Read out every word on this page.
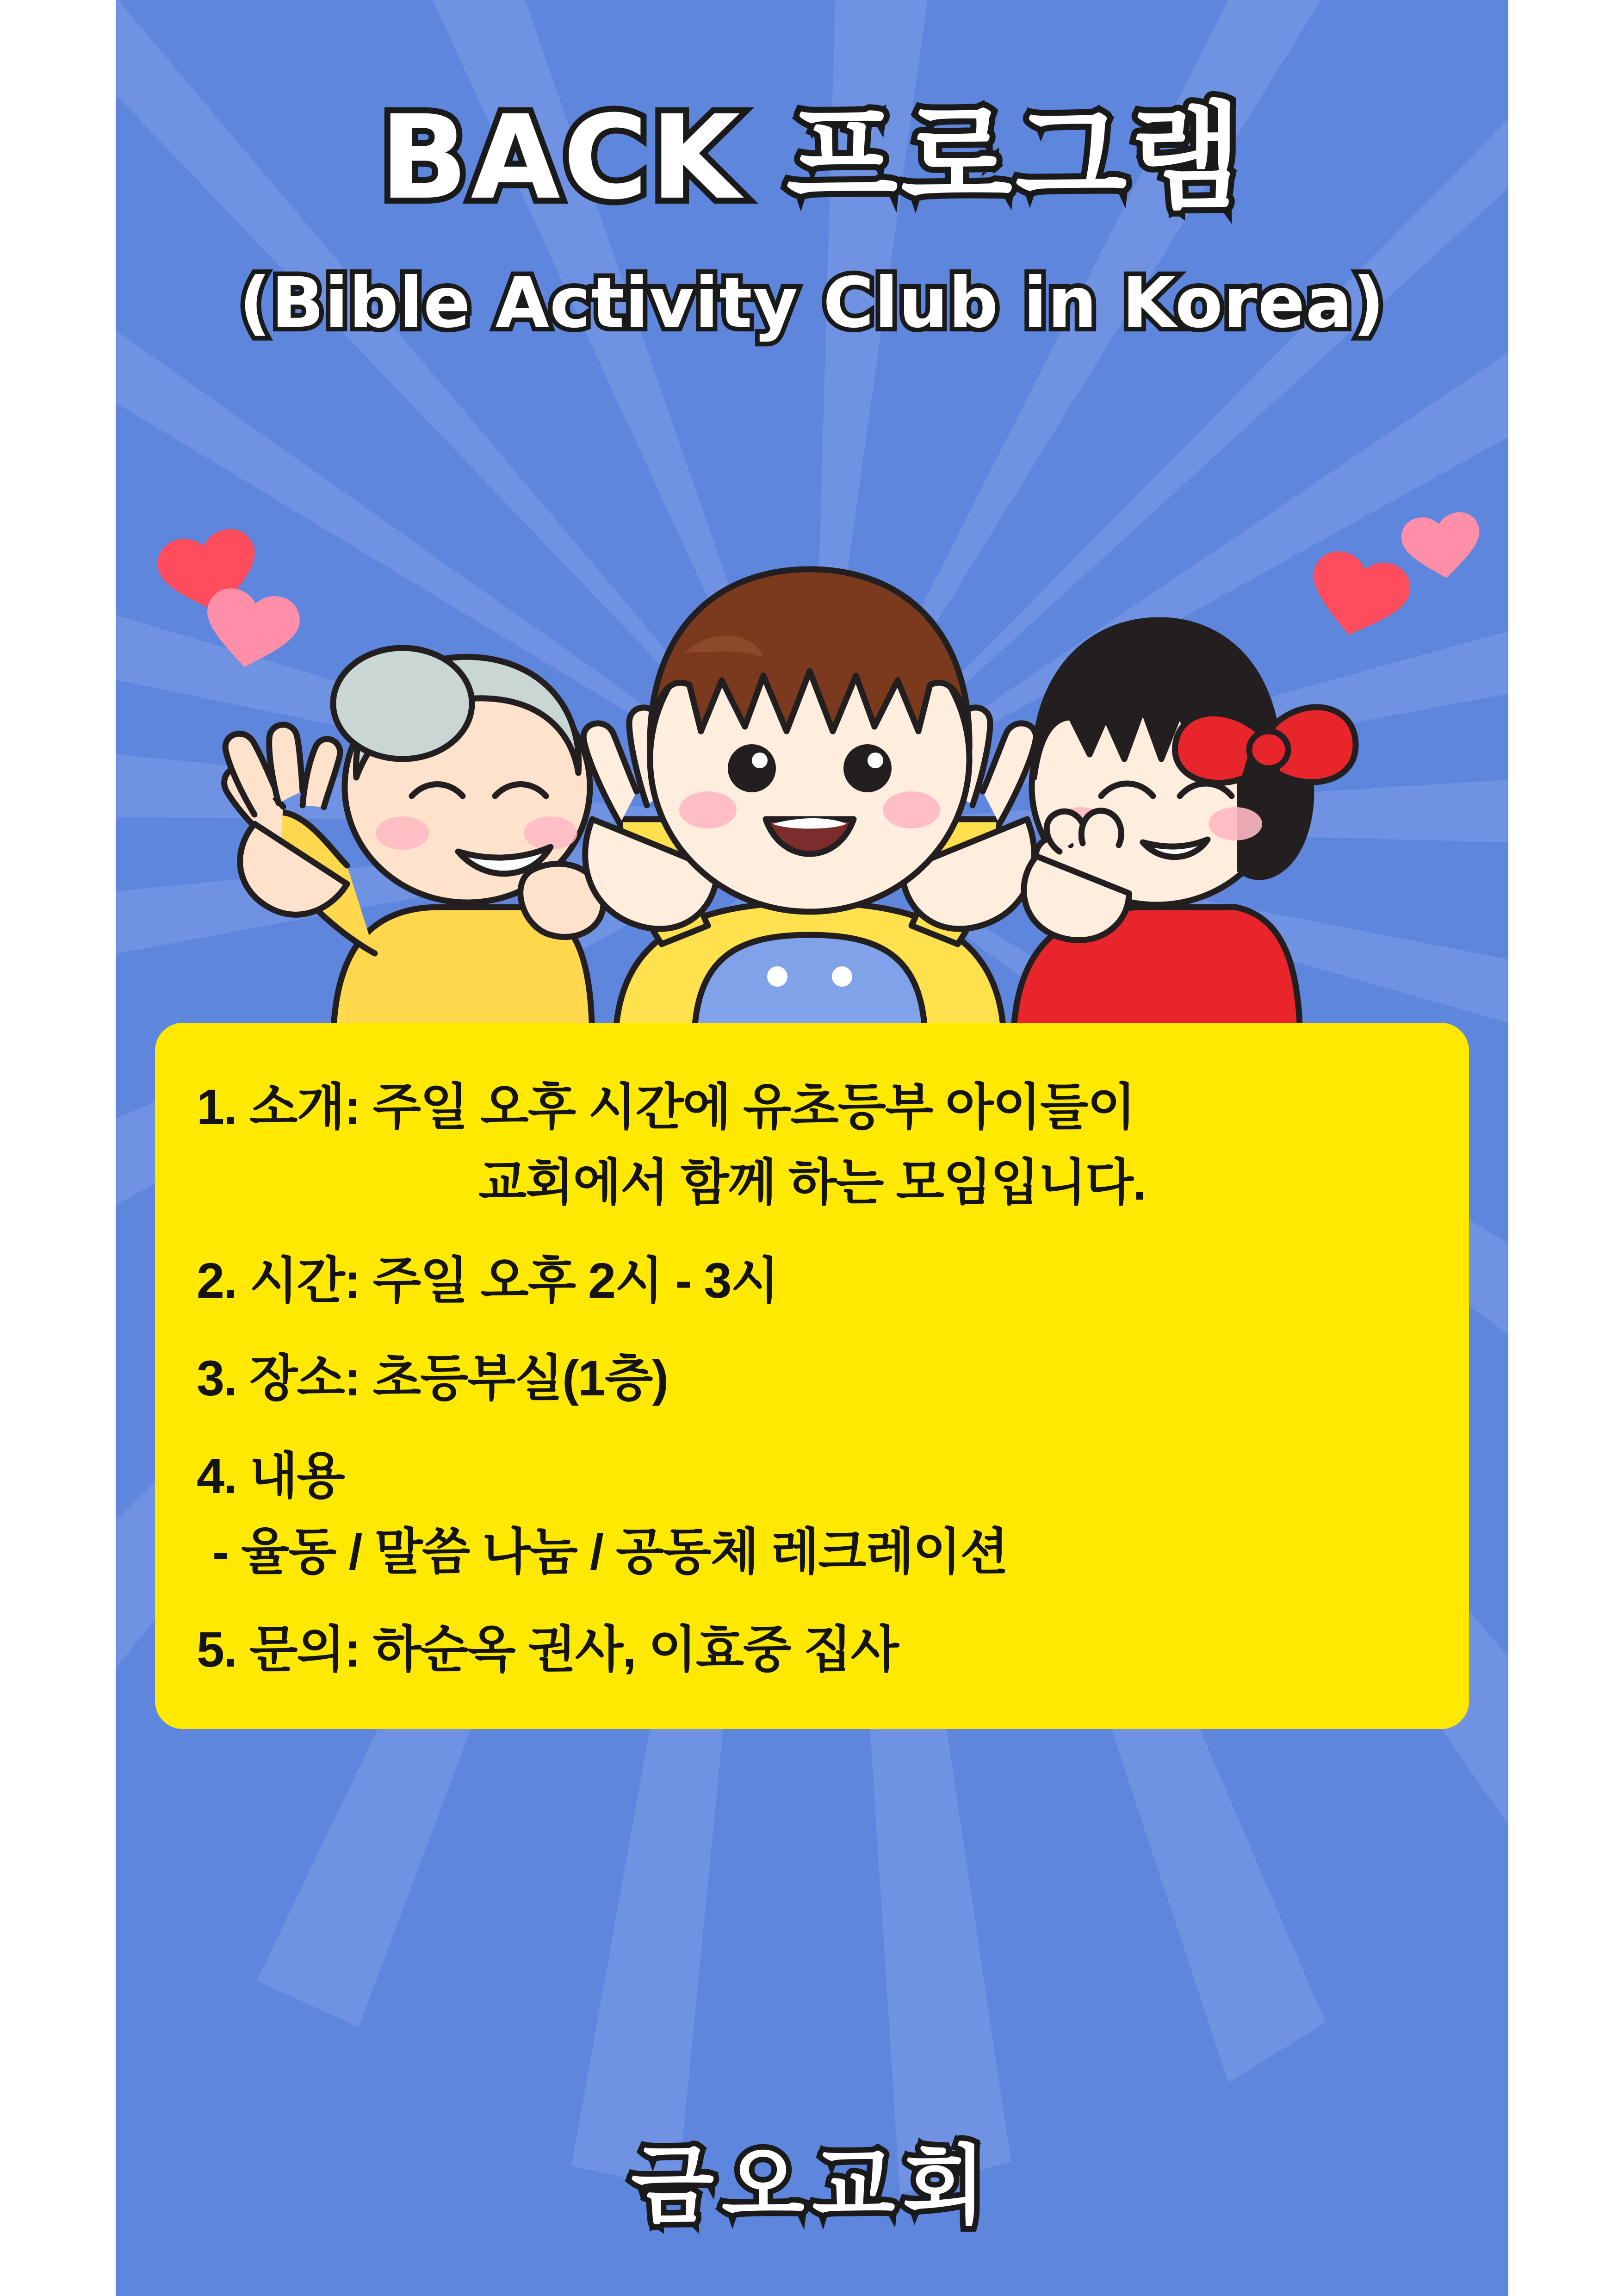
BACK 프로그램
(Bible Activity Club in Korea)

1. 소개: 주일 오후 시간에 유초등부 아이들이

교회에서 함께 하는 모임입니다.

2. 시간: 주일 오후 2시 - 3시

3. 장소: 초등부실(1층)

4. 내용

- 율동 / 말씀 나눔 / 공동체 레크레이션

5. 문의: 하순옥 권사, 이효중 집사

금오교회
